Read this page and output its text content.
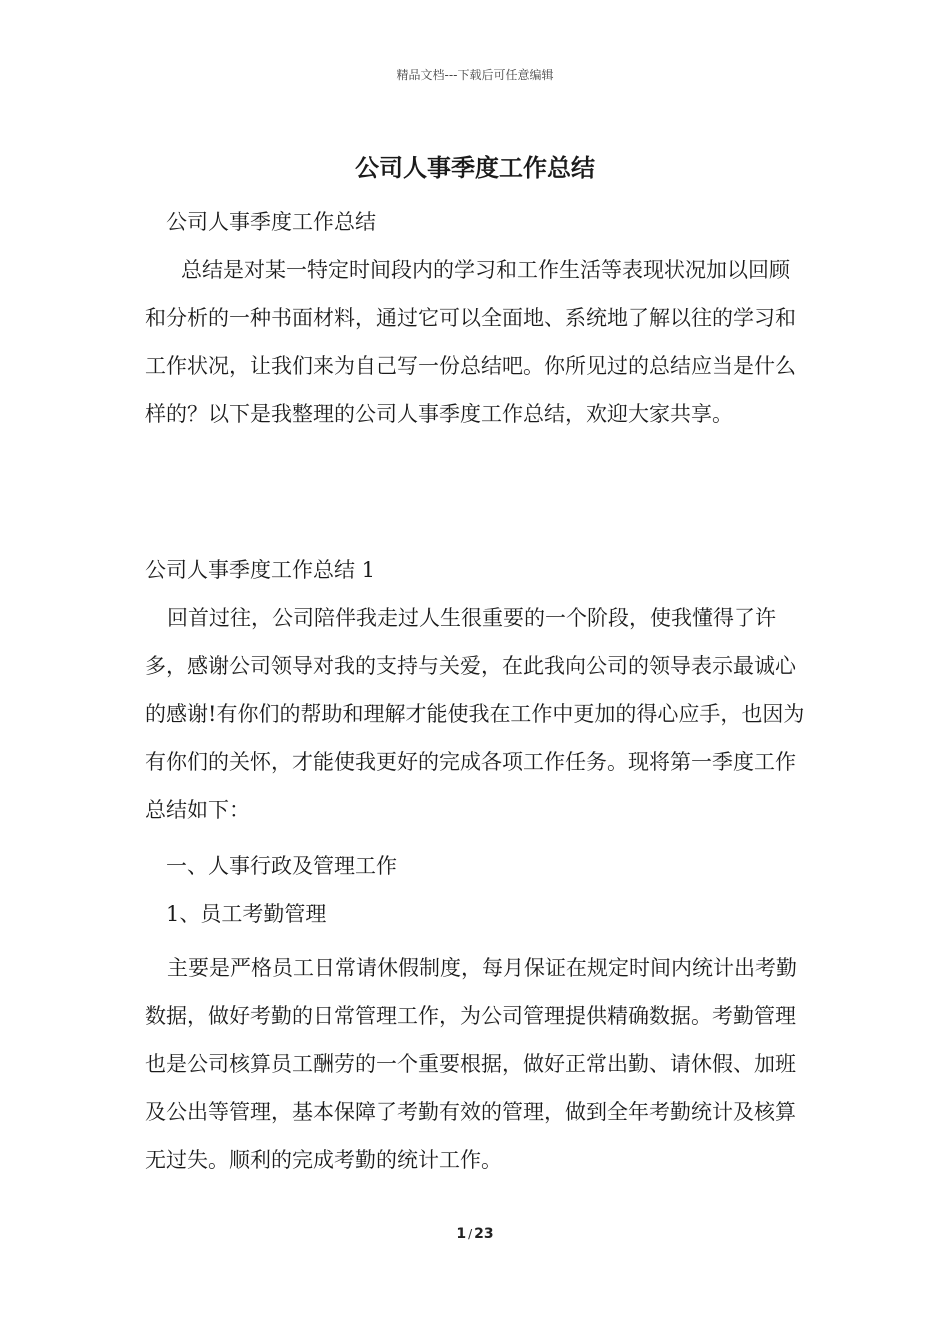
精品文档---下载后可任意编辑
公司人事季度工作总结

公司人事季度工作总结

总结是对某一特定时间段内的学习和工作生活等表现状况加以回顾和分析的一种书面材料，通过它可以全面地、系统地了解以往的学习和工作状况，让我们来为自己写一份总结吧。你所见过的总结应当是什么样的？以下是我整理的公司人事季度工作总结，欢迎大家共享。

公司人事季度工作总结 1

回首过往，公司陪伴我走过人生很重要的一个阶段，使我懂得了许多，感谢公司领导对我的支持与关爱，在此我向公司的领导表示最诚心的感谢!有你们的帮助和理解才能使我在工作中更加的得心应手，也因为有你们的关怀，才能使我更好的完成各项工作任务。现将第一季度工作总结如下：

一、人事行政及管理工作

1、员工考勤管理

主要是严格员工日常请休假制度，每月保证在规定时间内统计出考勤数据，做好考勤的日常管理工作，为公司管理提供精确数据。考勤管理也是公司核算员工酬劳的一个重要根据，做好正常出勤、请休假、加班及公出等管理，基本保障了考勤有效的管理，做到全年考勤统计及核算无过失。顺利的完成考勤的统计工作。

1 / 23
